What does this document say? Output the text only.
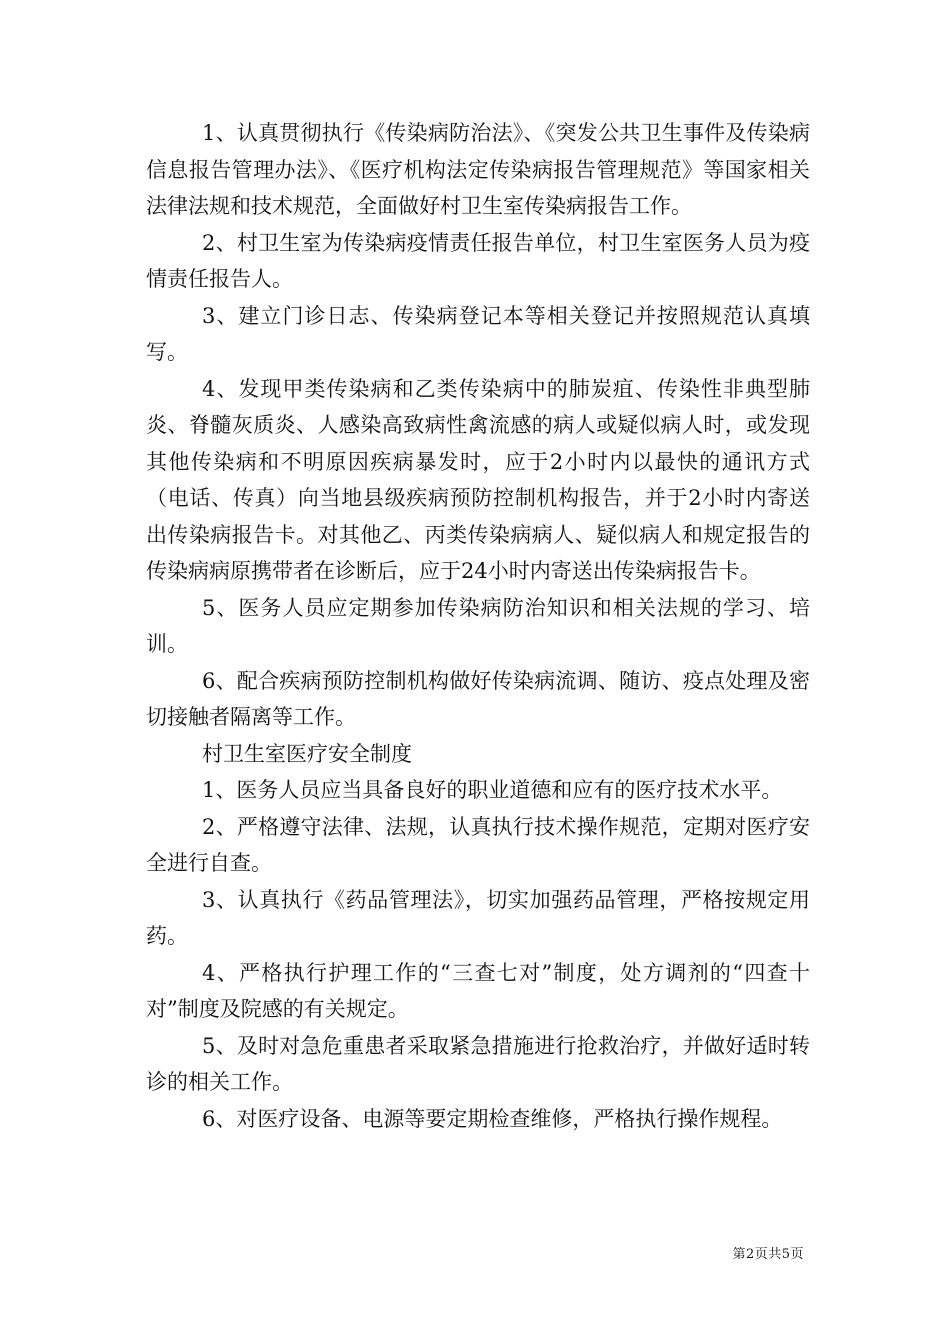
1、认真贯彻执行《传染病防治法》、《突发公共卫生事件及传染病信息报告管理办法》、《医疗机构法定传染病报告管理规范》等国家相关法律法规和技术规范，全面做好村卫生室传染病报告工作。

2、村卫生室为传染病疫情责任报告单位，村卫生室医务人员为疫情责任报告人。

3、建立门诊日志、传染病登记本等相关登记并按照规范认真填写。

4、发现甲类传染病和乙类传染病中的肺炭疽、传染性非典型肺炎、脊髓灰质炎、人感染高致病性禽流感的病人或疑似病人时，或发现其他传染病和不明原因疾病暴发时，应于2小时内以最快的通讯方式（电话、传真）向当地县级疾病预防控制机构报告，并于2小时内寄送出传染病报告卡。对其他乙、丙类传染病病人、疑似病人和规定报告的传染病病原携带者在诊断后，应于24小时内寄送出传染病报告卡。

5、医务人员应定期参加传染病防治知识和相关法规的学习、培训。

6、配合疾病预防控制机构做好传染病流调、随访、疫点处理及密切接触者隔离等工作。

村卫生室医疗安全制度

1、医务人员应当具备良好的职业道德和应有的医疗技术水平。

2、严格遵守法律、法规，认真执行技术操作规范，定期对医疗安全进行自查。

3、认真执行《药品管理法》，切实加强药品管理，严格按规定用药。

4、严格执行护理工作的“三查七对”制度，处方调剂的“四查十对”制度及院感的有关规定。

5、及时对急危重患者采取紧急措施进行抢救治疗，并做好适时转诊的相关工作。

6、对医疗设备、电源等要定期检查维修，严格执行操作规程。

第2页共5页
